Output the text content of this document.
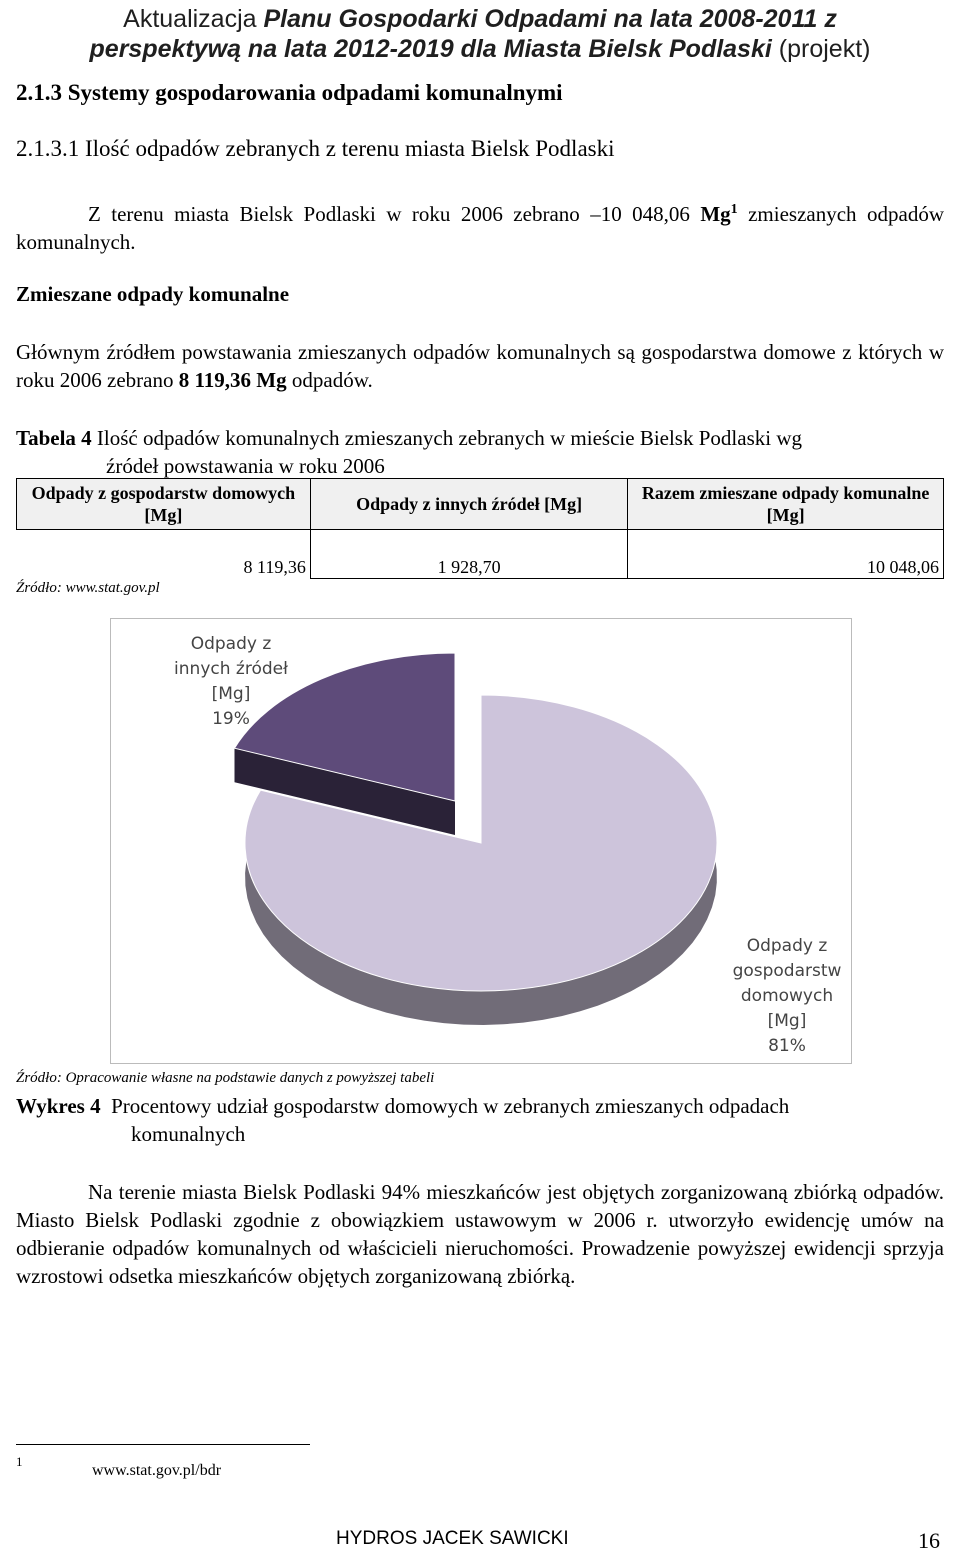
Aktualizacja Planu Gospodarki Odpadami na lata 2008-2011 z
perspektywą na lata 2012-2019 dla Miasta Bielsk Podlaski (projekt)
2.1.3 Systemy gospodarowania odpadami komunalnymi
2.1.3.1 Ilość odpadów zebranych z terenu miasta Bielsk Podlaski
Z terenu miasta Bielsk Podlaski w roku 2006 zebrano –10 048,06 Mg$^1$ zmieszanych odpadów komunalnych.
Zmieszane odpady komunalne
Głównym źródłem powstawania zmieszanych odpadów komunalnych są gospodarstwa domowe z których w roku 2006 zebrano 8 119,36 Mg odpadów.
Tabela 4 Ilość odpadów komunalnych zmieszanych zebranych w mieście Bielsk Podlaski wg
źródeł powstawania w roku 2006
Odpady z gospodarstw domowych [Mg]	Odpady z innych źródeł [Mg]	Razem zmieszane odpady komunalne [Mg]
8 119,36	1 928,70	10 048,06
Źródło: www.stat.gov.pl
Odpady z
innych źródeł
[Mg]
19%
Odpady z
gospodarstw
domowych
[Mg]
81%
Źródło: Opracowanie własne na podstawie danych z powyższej tabeli
Wykres 4 Procentowy udział gospodarstw domowych w zebranych zmieszanych odpadach
komunalnych
Na terenie miasta Bielsk Podlaski 94% mieszkańców jest objętych zorganizowaną zbiórką odpadów. Miasto Bielsk Podlaski zgodnie z obowiązkiem ustawowym w 2006 r. utworzyło ewidencję umów na odbieranie odpadów komunalnych od właścicieli nieruchomości. Prowadzenie powyższej ewidencji sprzyja wzrostowi odsetka mieszkańców objętych zorganizowaną zbiórką.
1
www.stat.gov.pl/bdr
HYDROS JACEK SAWICKI	16
